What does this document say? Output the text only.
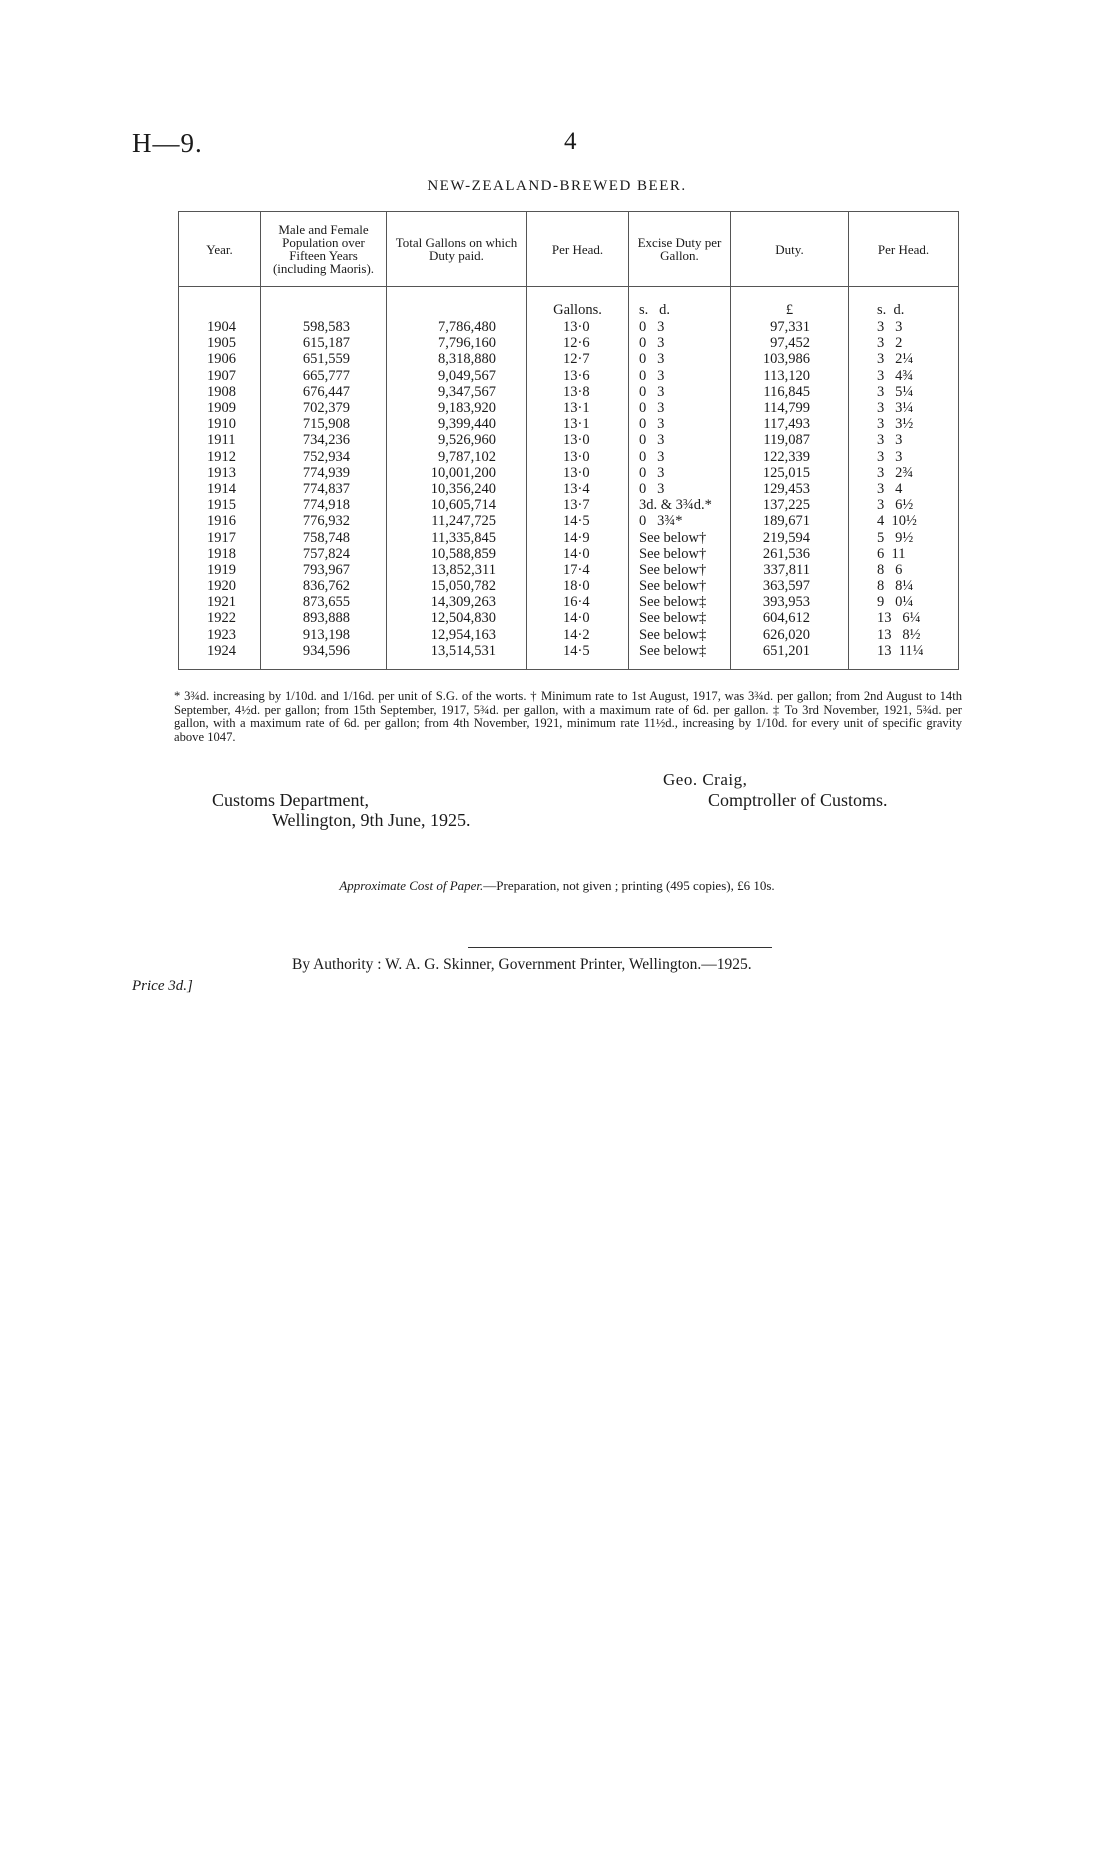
H—9.	4
NEW-ZEALAND-BREWED BEER.
Year.	Male and Female Population over Fifteen Years (including Maoris).	Total Gallons on which Duty paid.	Per Head.	Excise Duty per Gallon.	Duty.	Per Head.

			Gallons.	s.   d.	£	s.  d.
1904	598,583	7,786,480	13·0	0   3	97,331	3   3
1905	615,187	7,796,160	12·6	0   3	97,452	3   2
1906	651,559	8,318,880	12·7	0   3	103,986	3   2¼
1907	665,777	9,049,567	13·6	0   3	113,120	3   4¾
1908	676,447	9,347,567	13·8	0   3	116,845	3   5¼
1909	702,379	9,183,920	13·1	0   3	114,799	3   3¼
1910	715,908	9,399,440	13·1	0   3	117,493	3   3½
1911	734,236	9,526,960	13·0	0   3	119,087	3   3
1912	752,934	9,787,102	13·0	0   3	122,339	3   3
1913	774,939	10,001,200	13·0	0   3	125,015	3   2¾
1914	774,837	10,356,240	13·4	0   3	129,453	3   4
1915	774,918	10,605,714	13·7	3d. & 3¾d.*	137,225	3   6½
1916	776,932	11,247,725	14·5	0   3¾*	189,671	4  10½
1917	758,748	11,335,845	14·9	See below†	219,594	5   9½
1918	757,824	10,588,859	14·0	See below†	261,536	6  11
1919	793,967	13,852,311	17·4	See below†	337,811	8   6
1920	836,762	15,050,782	18·0	See below†	363,597	8   8¼
1921	873,655	14,309,263	16·4	See below‡	393,953	9   0¼
1922	893,888	12,504,830	14·0	See below‡	604,612	13   6¼
1923	913,198	12,954,163	14·2	See below‡	626,020	13   8½
1924	934,596	13,514,531	14·5	See below‡	651,201	13  11¼
* 3¾d. increasing by 1/10d. and 1/16d. per unit of S.G. of the worts. † Minimum rate to 1st August, 1917, was 3¾d. per gallon; from 2nd August to 14th September, 4½d. per gallon; from 15th September, 1917, 5¾d. per gallon, with a maximum rate of 6d. per gallon. ‡ To 3rd November, 1921, 5¾d. per gallon, with a maximum rate of 6d. per gallon; from 4th November, 1921, minimum rate 11½d., increasing by 1/10d. for every unit of specific gravity above 1047.
Geo. Craig,
Customs Department,	Comptroller of Customs.
Wellington, 9th June, 1925.
Approximate Cost of Paper.—Preparation, not given ; printing (495 copies), £6 10s.
By Authority : W. A. G. Skinner, Government Printer, Wellington.—1925.
Price 3d.]
